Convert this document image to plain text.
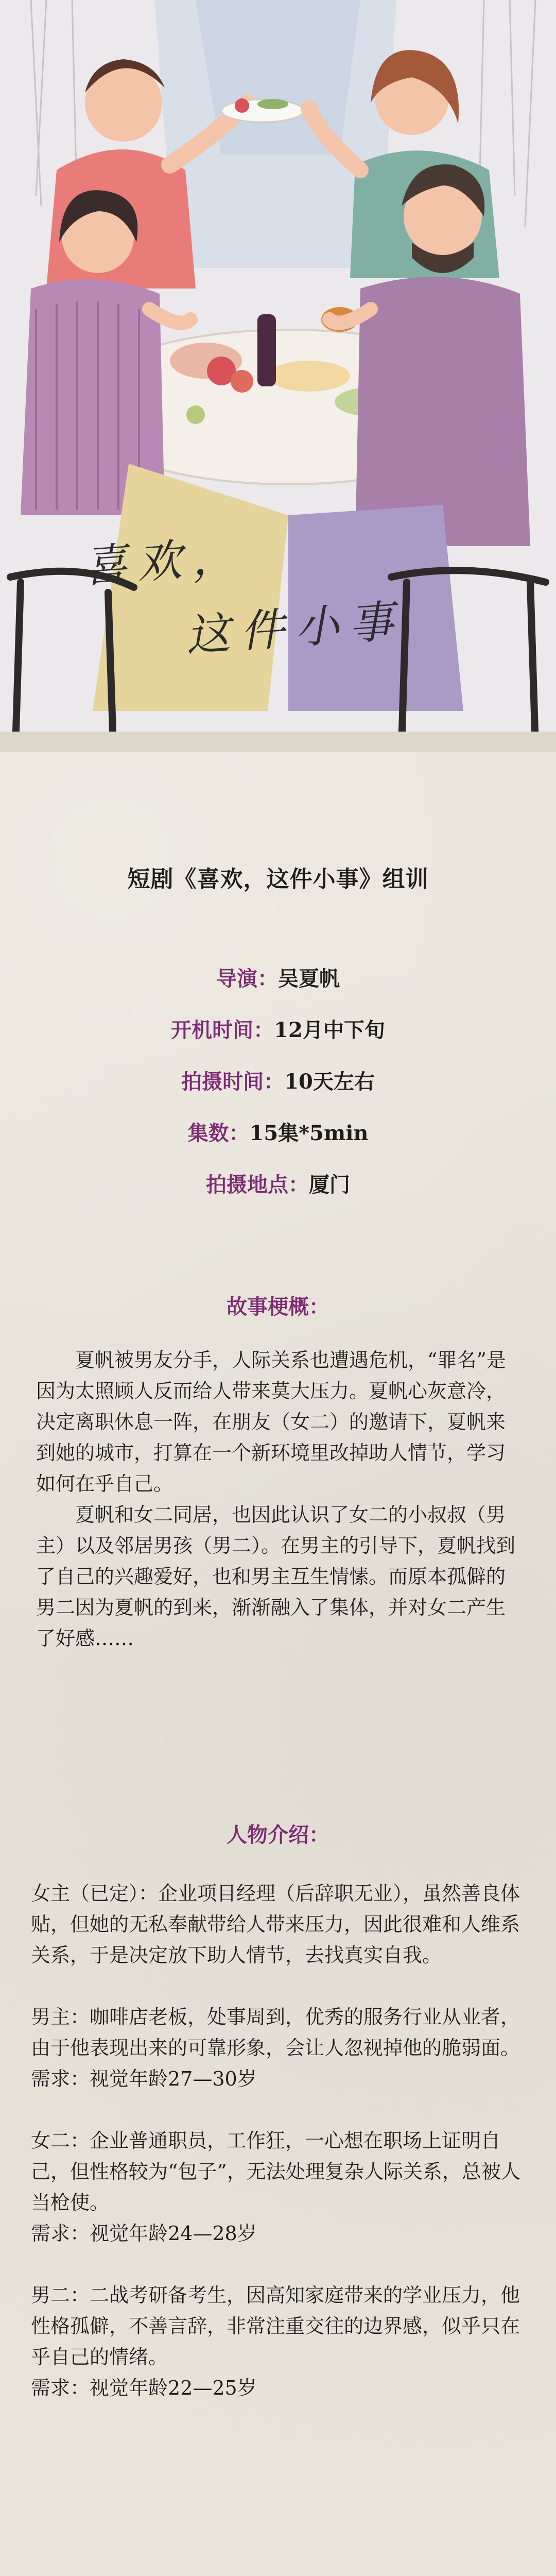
喜欢，
这件小事
短剧《喜欢，这件小事》组训
导演：吴夏帆
开机时间：12月中下旬
拍摄时间：10天左右
集数：15集*5min
拍摄地点：厦门
故事梗概：

夏帆被男友分手，人际关系也遭遇危机，“罪名”是因为太照顾人反而给人带来莫大压力。夏帆心灰意冷，决定离职休息一阵，在朋友（女二）的邀请下，夏帆来到她的城市，打算在一个新环境里改掉助人情节，学习如何在乎自己。

夏帆和女二同居，也因此认识了女二的小叔叔（男主）以及邻居男孩（男二）。在男主的引导下，夏帆找到了自己的兴趣爱好，也和男主互生情愫。而原本孤僻的男二因为夏帆的到来，渐渐融入了集体，并对女二产生了好感……

人物介绍：

女主（已定）：企业项目经理（后辞职无业），虽然善良体贴，但她的无私奉献带给人带来压力，因此很难和人维系关系，于是决定放下助人情节，去找真实自我。

男主：咖啡店老板，处事周到，优秀的服务行业从业者，由于他表现出来的可靠形象，会让人忽视掉他的脆弱面。

需求：视觉年龄27—30岁

女二：企业普通职员，工作狂，一心想在职场上证明自己，但性格较为“包子”，无法处理复杂人际关系，总被人当枪使。

需求：视觉年龄24—28岁

男二：二战考研备考生，因高知家庭带来的学业压力，他性格孤僻，不善言辞，非常注重交往的边界感，似乎只在乎自己的情绪。

需求：视觉年龄22—25岁
